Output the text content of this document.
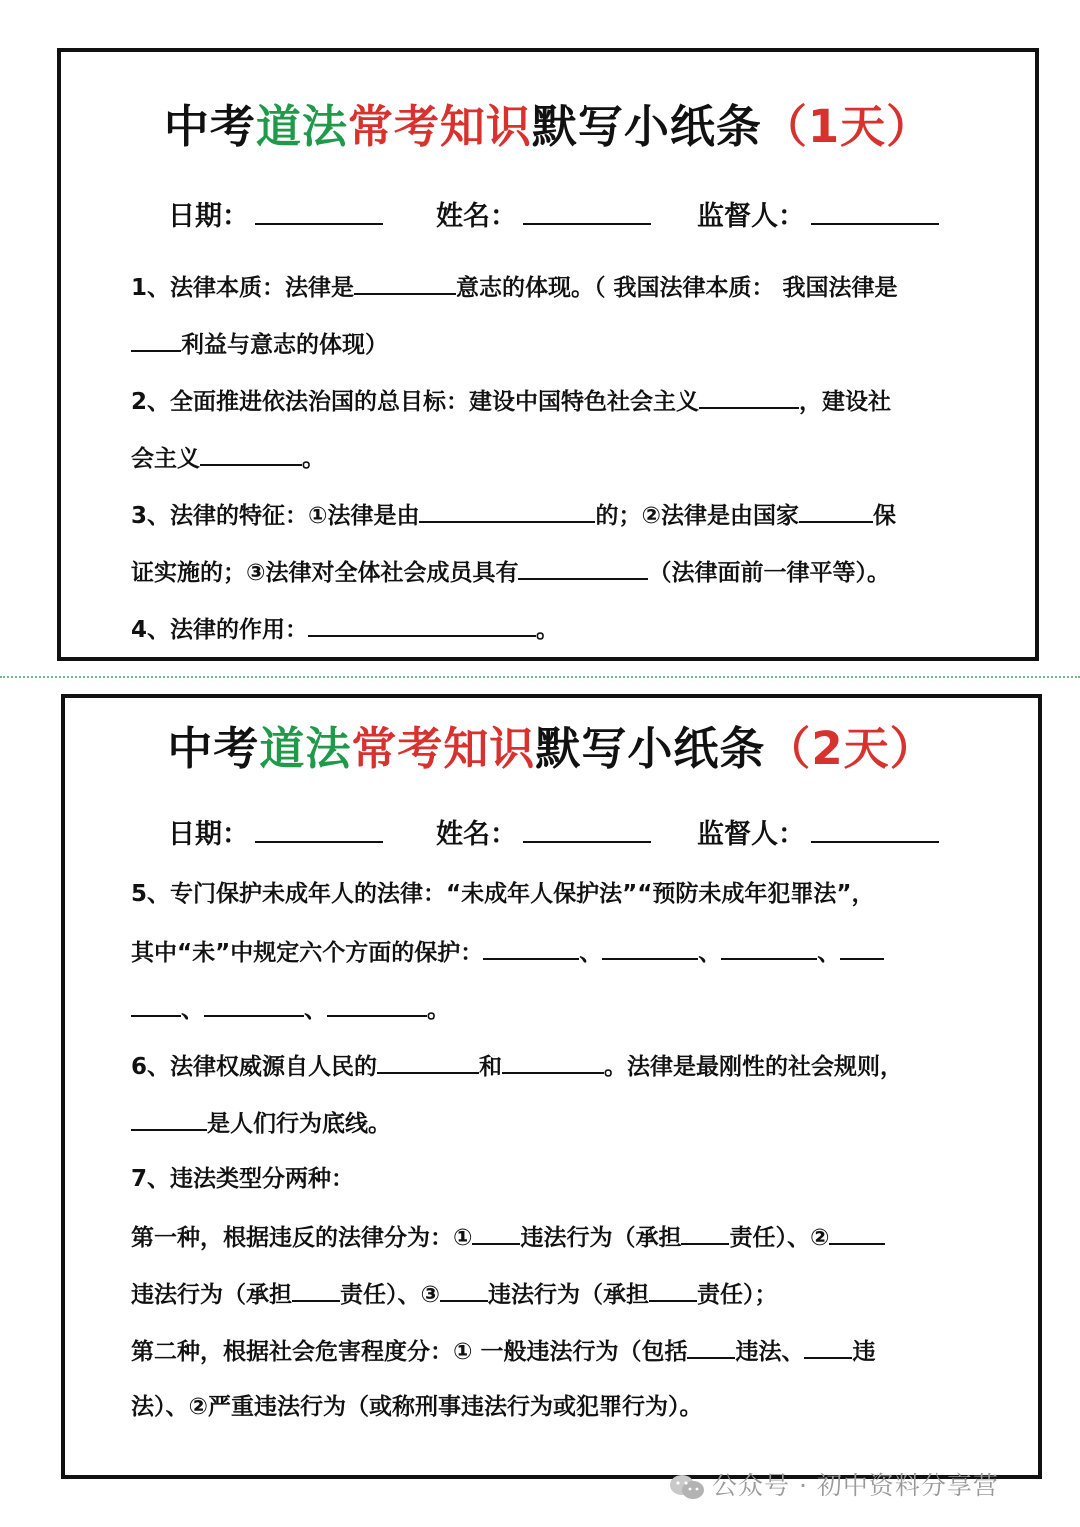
中考道法常考知识默写小纸条（1天）
日期：	姓名：	监督人：
1、法律本质：法律是	意志的体现。（ 我国法律本质： 我国法律是
利益与意志的体现）
2、全面推进依法治国的总目标：建设中国特色社会主义	，建设社
会主义	。
3、法律的特征：①法律是由	的；②法律是由国家	保
证实施的；③法律对全体社会成员具有	（法律面前一律平等）。
4、法律的作用：	。
中考道法常考知识默写小纸条（2天）
日期：	姓名：	监督人：
5、专门保护未成年人的法律：“未成年人保护法”“预防未成年犯罪法”，
其中“未”中规定六个方面的保护：	、	、	、
、	、	。
6、法律权威源自人民的	和	。法律是最刚性的社会规则，
是人们行为底线。
7、违法类型分两种：
第一种，根据违反的法律分为：① 违法行为（承担 责任）、②
违法行为（承担 责任）、③ 违法行为（承担 责任）；
第二种，根据社会危害程度分：① 一般违法行为（包括 违法、 违
法）、②严重违法行为（或称刑事违法行为或犯罪行为）。
公众号 · 初中资料分享营
